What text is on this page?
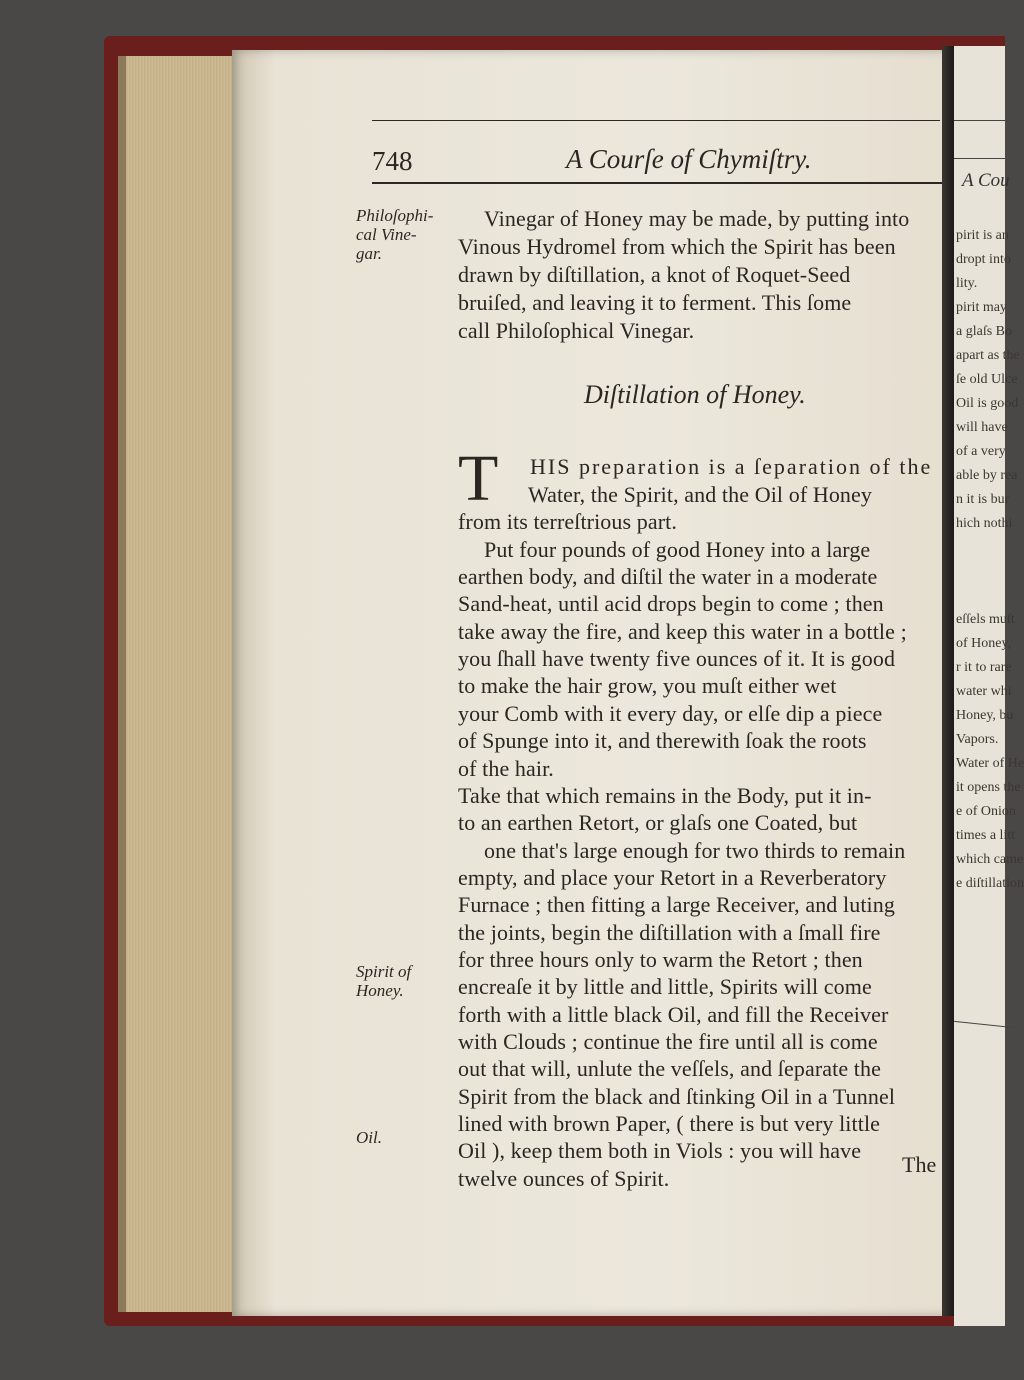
A Cou
pirit is an
dropt into
lity.
pirit may
a glaſs Bo
apart as the
ſe old Ulce
Oil is good
will have
of a very
able by rea
n it is bur
hich nothi
eſſels muſt
of Honey,
r it to rare
water whi
Honey, bu
Vapors.
Water of He
it opens the
e of Onion
times a litt
which came
e diſtillation
748	A Courſe of Chymiſtry.
Philoſophi-cal Vine-gar.
Spirit of Honey.
Oil.
Vinegar of Honey may be made, by putting into
Vinous Hydromel from which the Spirit has been
drawn by diſtillation, a knot of Roquet-Seed
bruiſed, and leaving it to ferment. This ſome
call Philoſophical Vinegar.
Diſtillation of Honey.
T HIS preparation is a ſeparation of the
Water, the Spirit, and the Oil of Honey
from its terreſtrious part.
Put four pounds of good Honey into a large
earthen body, and diſtil the water in a moderate
Sand-heat, until acid drops begin to come ; then
take away the fire, and keep this water in a bottle ;
you ſhall have twenty five ounces of it. It is good
to make the hair grow, you muſt either wet
your Comb with it every day, or elſe dip a piece
of Spunge into it, and therewith ſoak the roots
of the hair.
Take that which remains in the Body, put it in-
to an earthen Retort, or glaſs one Coated, but
one that's large enough for two thirds to remain
empty, and place your Retort in a Reverberatory
Furnace ; then fitting a large Receiver, and luting
the joints, begin the diſtillation with a ſmall fire
for three hours only to warm the Retort ; then
encreaſe it by little and little, Spirits will come
forth with a little black Oil, and fill the Receiver
with Clouds ; continue the fire until all is come
out that will, unlute the veſſels, and ſeparate the
Spirit from the black and ſtinking Oil in a Tunnel
lined with brown Paper, ( there is but very little
Oil ), keep them both in Viols : you will have
twelve ounces of Spirit.
The
